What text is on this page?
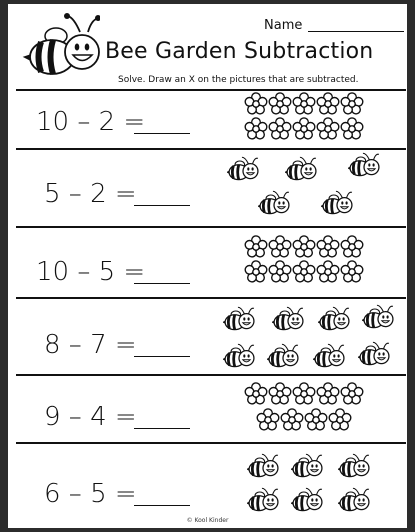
Name
Bee Garden Subtraction
Solve. Draw an X on the pictures that are subtracted.
10 – 2 =
5 – 2 =
10 – 5 =
8 – 7 =
9 – 4 =
6 – 5 =
© Kool Kinder
